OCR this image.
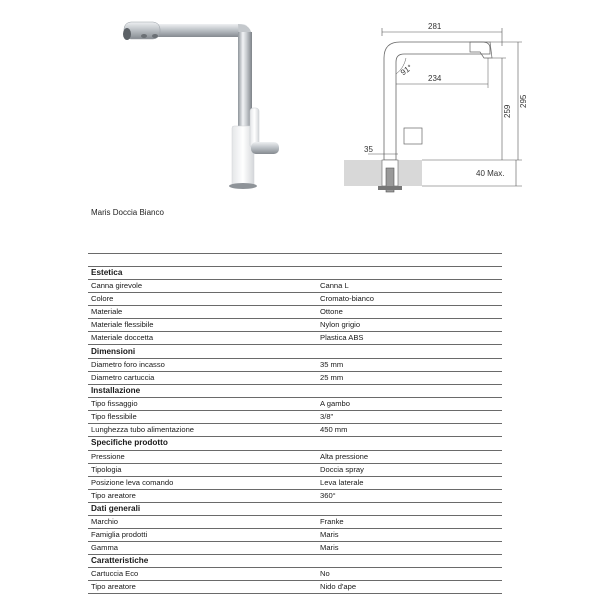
281
91°
234
259
295
40 Max.
35
Maris Doccia Bianco
Estetica	
Canna girevole	Canna L
Colore	Cromato-bianco
Materiale	Ottone
Materiale flessibile	Nylon grigio
Materiale doccetta	Plastica ABS
Dimensioni	
Diametro foro incasso	35 mm
Diametro cartuccia	25 mm
Installazione	
Tipo fissaggio	A gambo
Tipo flessibile	3/8"
Lunghezza tubo alimentazione	450 mm
Specifiche prodotto	
Pressione	Alta pressione
Tipologia	Doccia spray
Posizione leva comando	Leva laterale
Tipo areatore	360°
Dati generali	
Marchio	Franke
Famiglia prodotti	Maris
Gamma	Maris
Caratteristiche	
Cartuccia Eco	No
Tipo areatore	Nido d'ape
